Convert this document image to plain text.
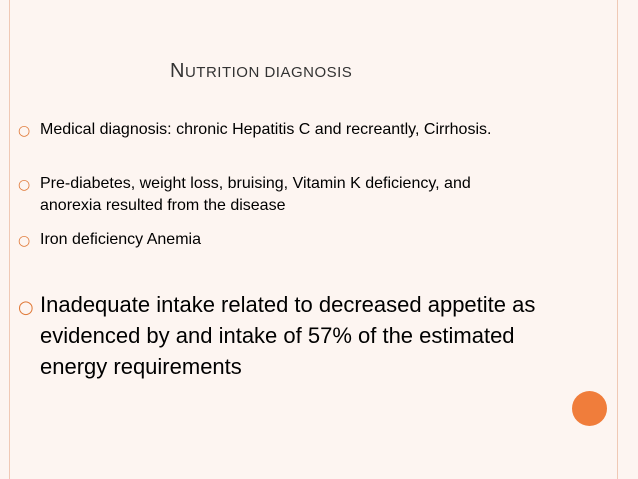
NUTRITION DIAGNOSIS
○ Medical diagnosis: chronic Hepatitis C and recreantly, Cirrhosis.
○ Pre-diabetes, weight loss, bruising, Vitamin K deficiency, and anorexia resulted from the disease
○ Iron deficiency Anemia
○ Inadequate intake related to decreased appetite as evidenced by and intake of 57% of the estimated energy requirements
